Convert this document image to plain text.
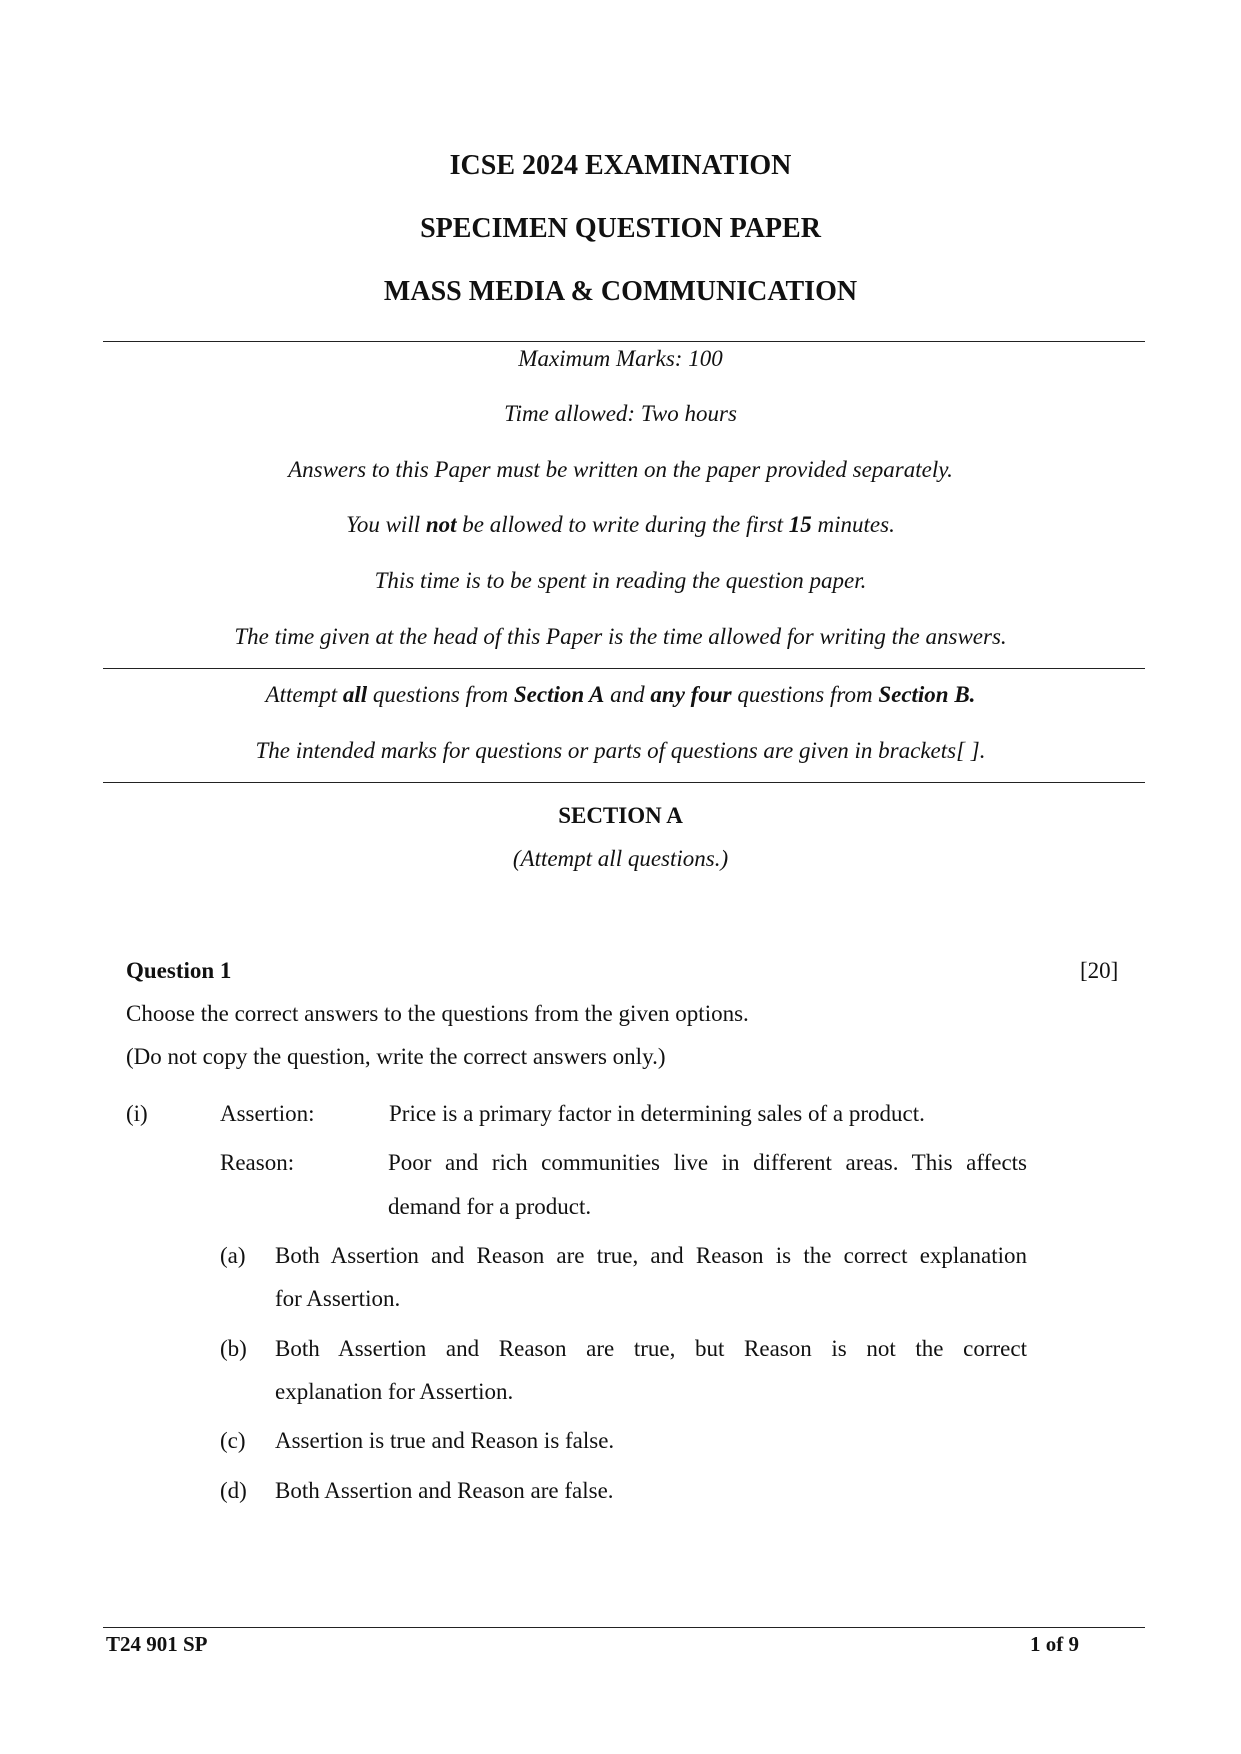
ICSE 2024 EXAMINATION
SPECIMEN QUESTION PAPER
MASS MEDIA & COMMUNICATION
Maximum Marks: 100
Time allowed: Two hours
Answers to this Paper must be written on the paper provided separately.
You will not be allowed to write during the first 15 minutes.
This time is to be spent in reading the question paper.
The time given at the head of this Paper is the time allowed for writing the answers.
Attempt all questions from Section A and any four questions from Section B.
The intended marks for questions or parts of questions are given in brackets[ ].
SECTION A
(Attempt all questions.)
Question 1	[20]
Choose the correct answers to the questions from the given options.
(Do not copy the question, write the correct answers only.)
(i)	Assertion:	Price is a primary factor in determining sales of a product.
Reason:	Poor and rich communities live in different areas. This affects
demand for a product.
(a) Both Assertion and Reason are true, and Reason is the correct explanation
for Assertion.
(b) Both Assertion and Reason are true, but Reason is not the correct
explanation for Assertion.
(c) Assertion is true and Reason is false.
(d) Both Assertion and Reason are false.
T24 901 SP	1 of 9
